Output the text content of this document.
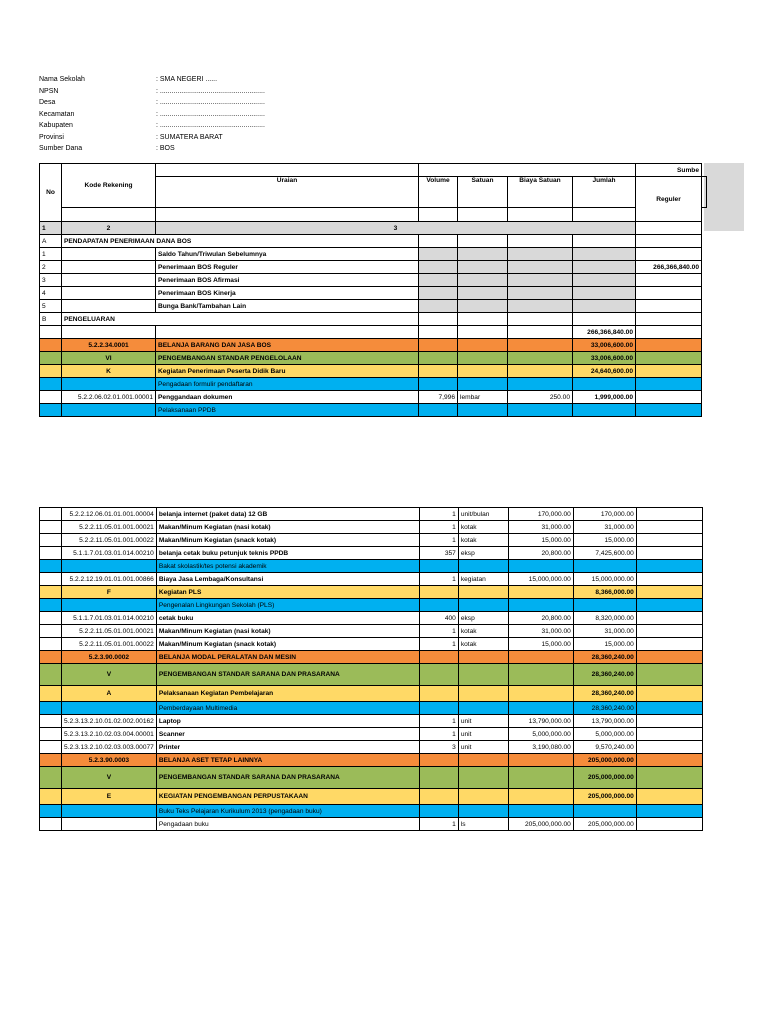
Nama Sekolah	: SMA NEGERI ......
NPSN	: ......................................................
Desa	: ......................................................
Kecamatan	: ......................................................
Kabupaten	: ......................................................
Provinsi	: SUMATERA BARAT
Sumber Dana	: BOS
No	Kode Rekening						Sumbe	
		Uraian	Volume	Satuan	Biaya Satuan	Jumlah	Reguler	

1	2	3						
A	PENDAPATAN PENERIMAAN DANA BOS							
1		Saldo Tahun/Triwulan Sebelumnya						
2		Penerimaan BOS Reguler					266,366,840.00	
3		Penerimaan BOS Afirmasi						
4		Penerimaan BOS Kinerja						
5		Bunga Bank/Tambahan Lain						
B	PENGELUARAN							
						266,366,840.00		
	5.2.2.34.0001	BELANJA BARANG DAN JASA BOS				33,006,600.00		
	VI	PENGEMBANGAN STANDAR PENGELOLAAN				33,006,600.00		
	K	Kegiatan Penerimaan Peserta Didik Baru				24,640,600.00		
		Pengadaan formulir pendaftaran						
	5.2.2.06.02.01.001.00001	Penggandaan dokumen	7,996	lembar	250.00	1,999,000.00		
		Pelaksanaan PPDB						
	5.2.2.12.06.01.01.001.00004	belanja internet (paket data) 12 GB	1	unit/bulan	170,000.00	170,000.00	
	5.2.2.11.05.01.001.00021	Makan/Minum Kegiatan (nasi kotak)	1	kotak	31,000.00	31,000.00	
	5.2.2.11.05.01.001.00022	Makan/Minum Kegiatan (snack kotak)	1	kotak	15,000.00	15,000.00	
	5.1.1.7.01.03.01.014.00210	belanja cetak buku petunjuk teknis PPDB	357	eksp	20,800.00	7,425,600.00	
		Bakat skolastik/tes potensi akademik					
	5.2.2.12.19.01.01.001.00866	Biaya Jasa Lembaga/Konsultansi	1	kegiatan	15,000,000.00	15,000,000.00	
	F	Kegiatan PLS				8,366,000.00	
		Pengenalan Lingkungan Sekolah (PLS)					
	5.1.1.7.01.03.01.014.00210	cetak buku	400	eksp	20,800.00	8,320,000.00	
	5.2.2.11.05.01.001.00021	Makan/Minum Kegiatan (nasi kotak)	1	kotak	31,000.00	31,000.00	
	5.2.2.11.05.01.001.00022	Makan/Minum Kegiatan (snack kotak)	1	kotak	15,000.00	15,000.00	
	5.2.3.90.0002	BELANJA MODAL PERALATAN DAN MESIN				28,360,240.00	
	V	PENGEMBANGAN STANDAR SARANA DAN PRASARANA				28,360,240.00	
	A	Pelaksanaan Kegiatan Pembelajaran				28,360,240.00	
		Pemberdayaan Multimedia				28,360,240.00	
	5.2.3.13.2.10.01.02.002.00162	Laptop	1	unit	13,790,000.00	13,790,000.00	
	5.2.3.13.2.10.02.03.004.00001	Scanner	1	unit	5,000,000.00	5,000,000.00	
	5.2.3.13.2.10.02.03.003.00077	Printer	3	unit	3,190,080.00	9,570,240.00	
	5.2.3.90.0003	BELANJA ASET TETAP LAINNYA				205,000,000.00	
	V	PENGEMBANGAN STANDAR SARANA DAN PRASARANA				205,000,000.00	
	E	KEGIATAN PENGEMBANGAN PERPUSTAKAAN				205,000,000.00	
		Buku Teks Pelajaran Kurikulum 2013 (pengadaan buku)					
		Pengadaan buku	1	ls	205,000,000.00	205,000,000.00	
